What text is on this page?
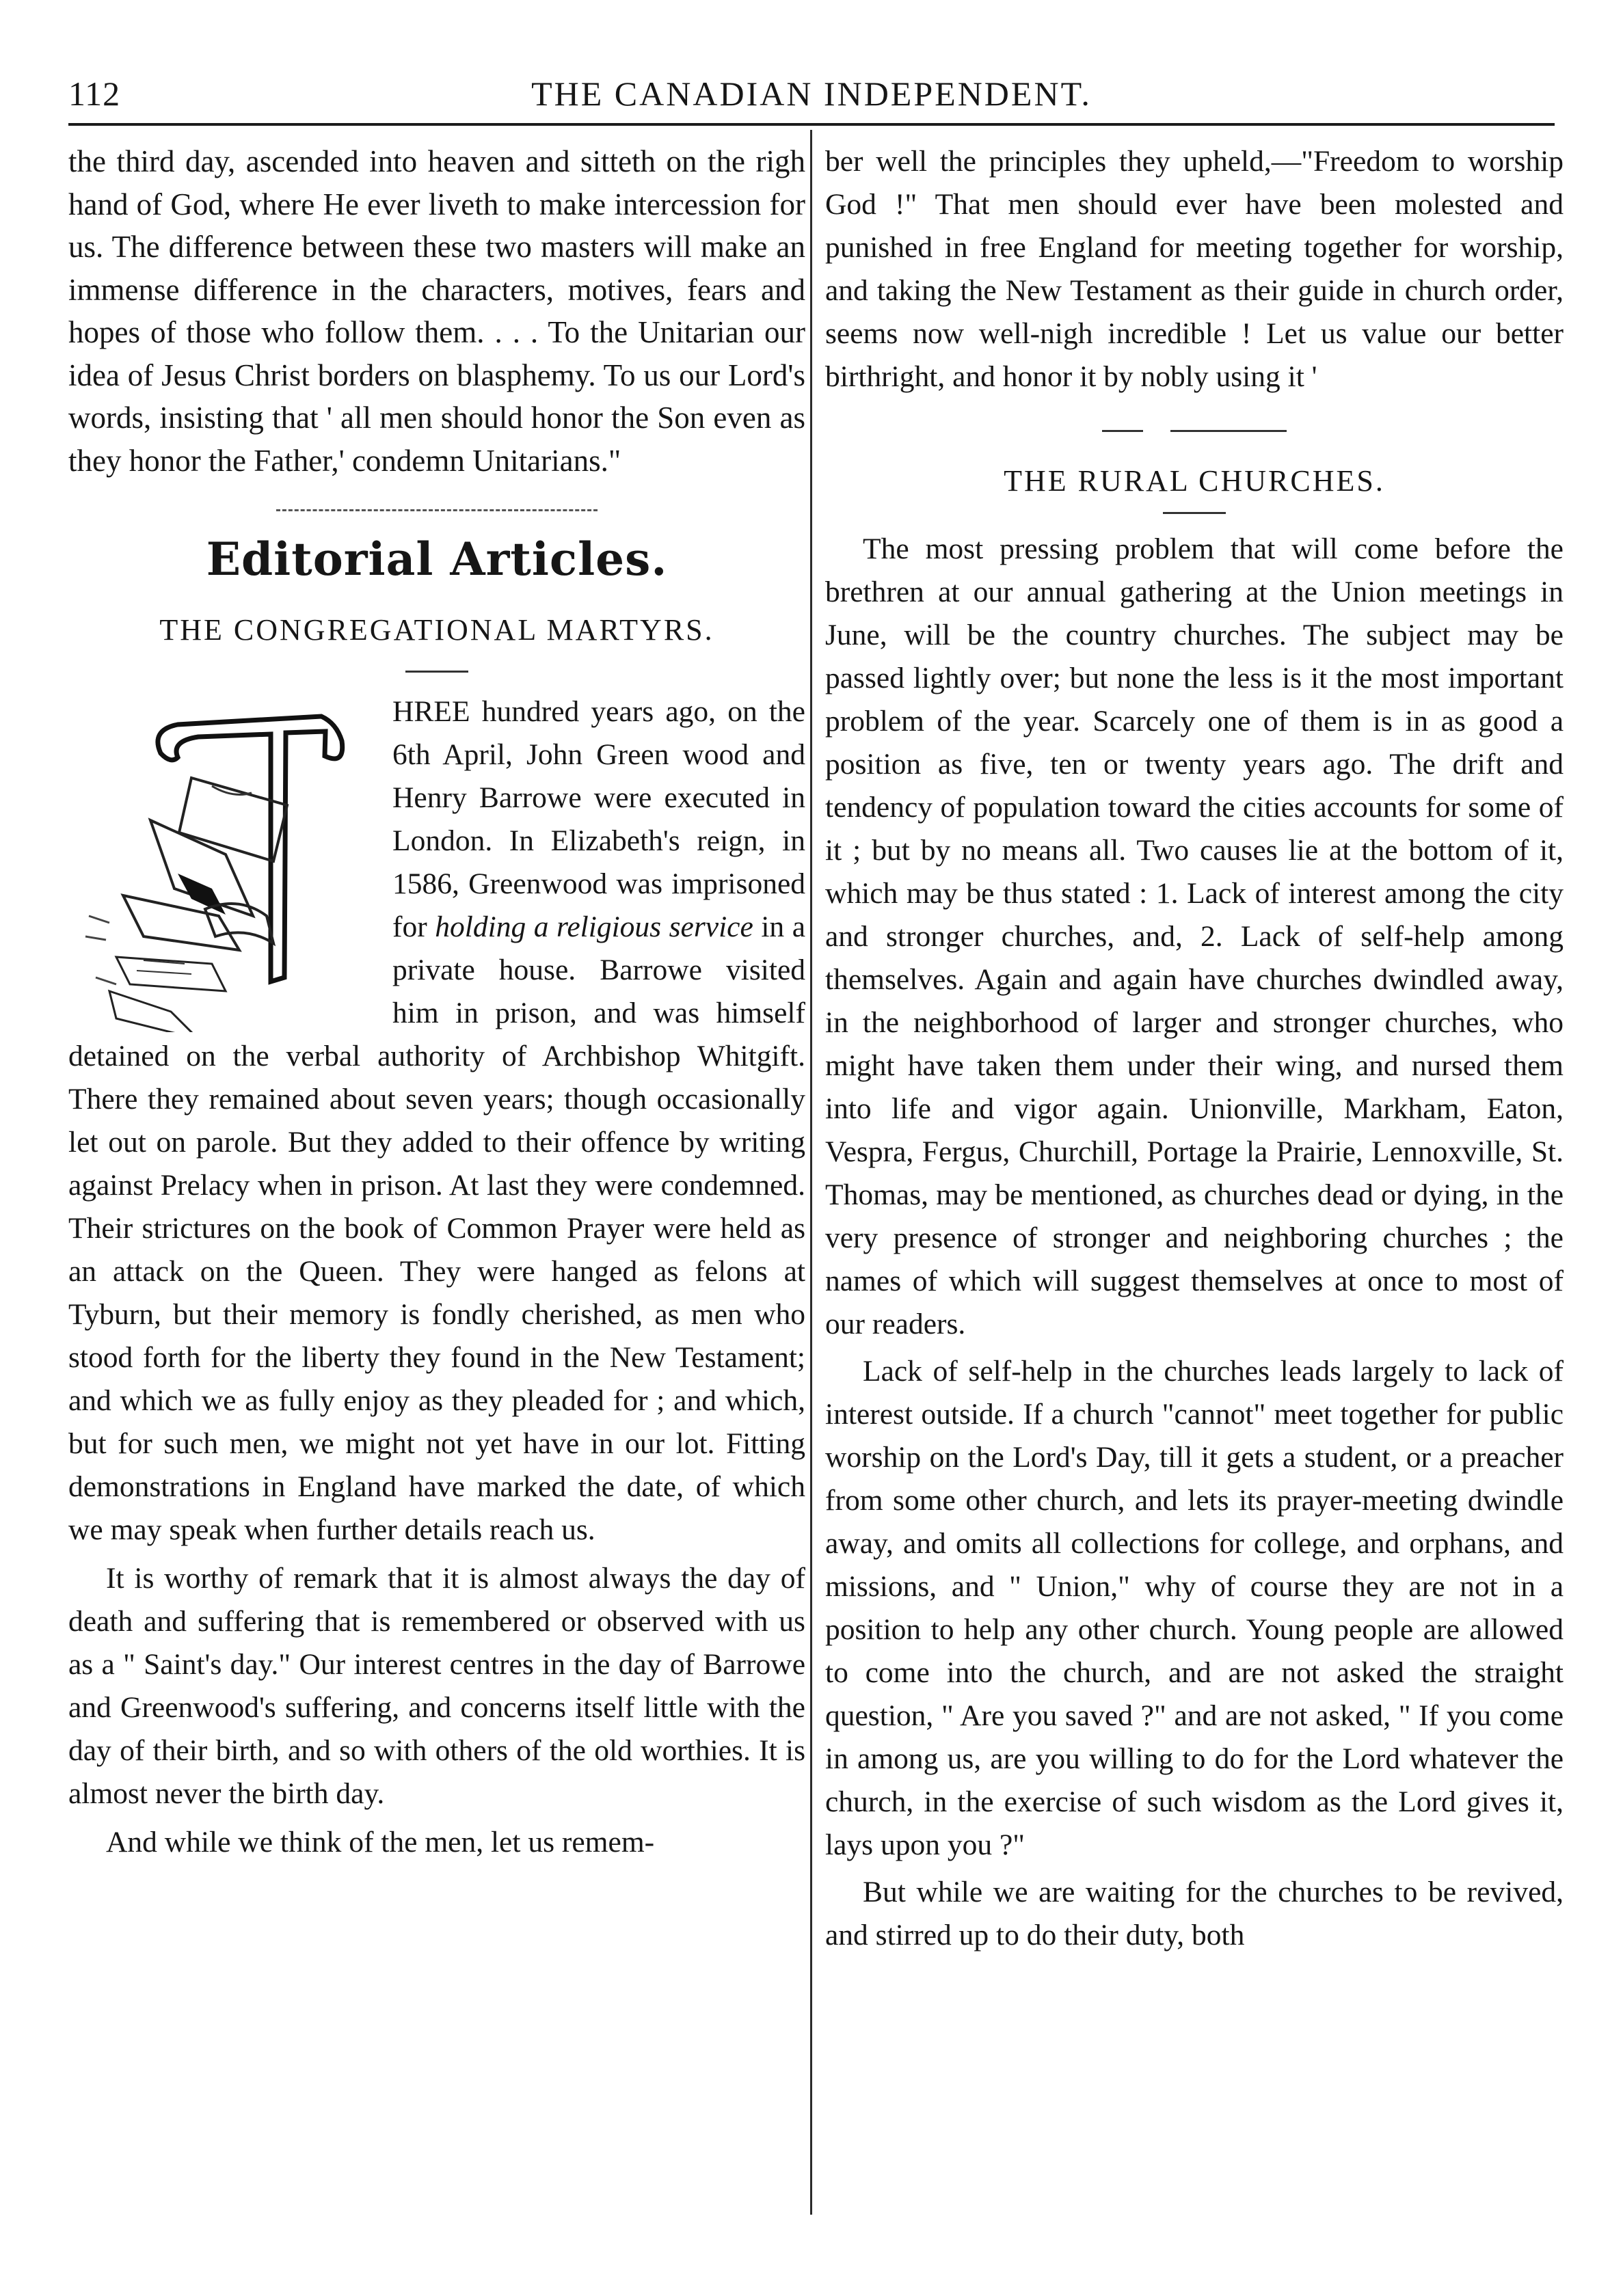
112	THE CANADIAN INDEPENDENT.

the third day, ascended into heaven and sitteth on the righ hand of God, where He ever liveth to make intercession for us. The difference between these two masters will make an immense difference in the characters, motives, fears and hopes of those who follow them. . . . To the Unitarian our idea of Jesus Christ borders on blasphemy. To us our Lord's words, insisting that ' all men should honor the Son even as they honor the Father,' condemn Unitarians."

Editorial Articles.

THE CONGREGATIONAL MARTYRS.

HREE hundred years ago, on the 6th April, John Green wood and Henry Barrowe were executed in London. In Elizabeth's reign, in 1586, Greenwood was imprisoned for holding a religious service in a private house. Barrowe visited him in prison, and was himself detained on the verbal authority of Archbishop Whitgift. There they remained about seven years; though occasionally let out on parole. But they added to their offence by writing against Prelacy when in prison. At last they were condemned. Their strictures on the book of Common Prayer were held as an attack on the Queen. They were hanged as felons at Tyburn, but their memory is fondly cherished, as men who stood forth for the liberty they found in the New Testament; and which we as fully enjoy as they pleaded for ; and which, but for such men, we might not yet have in our lot. Fitting demonstrations in England have marked the date, of which we may speak when further details reach us.

It is worthy of remark that it is almost always the day of death and suffering that is remembered or observed with us as a " Saint's day." Our interest centres in the day of Barrowe and Greenwood's suffering, and concerns itself little with the day of their birth, and so with others of the old worthies. It is almost never the birth day.

And while we think of the men, let us remem-

ber well the principles they upheld,—"Freedom to worship God !" That men should ever have been molested and punished in free England for meeting together for worship, and taking the New Testament as their guide in church order, seems now well-nigh incredible ! Let us value our better birthright, and honor it by nobly using it '

THE RURAL CHURCHES.

The most pressing problem that will come before the brethren at our annual gathering at the Union meetings in June, will be the country churches. The subject may be passed lightly over; but none the less is it the most important problem of the year. Scarcely one of them is in as good a position as five, ten or twenty years ago. The drift and tendency of population toward the cities accounts for some of it ; but by no means all. Two causes lie at the bottom of it, which may be thus stated : 1. Lack of interest among the city and stronger churches, and, 2. Lack of self-help among themselves. Again and again have churches dwindled away, in the neighborhood of larger and stronger churches, who might have taken them under their wing, and nursed them into life and vigor again. Unionville, Markham, Eaton, Vespra, Fergus, Churchill, Portage la Prairie, Lennoxville, St. Thomas, may be mentioned, as churches dead or dying, in the very presence of stronger and neighboring churches ; the names of which will suggest themselves at once to most of our readers.

Lack of self-help in the churches leads largely to lack of interest outside. If a church "cannot" meet together for public worship on the Lord's Day, till it gets a student, or a preacher from some other church, and lets its prayer-meeting dwindle away, and omits all collections for college, and orphans, and missions, and " Union," why of course they are not in a position to help any other church. Young people are allowed to come into the church, and are not asked the straight question, " Are you saved ?" and are not asked, " If you come in among us, are you willing to do for the Lord whatever the church, in the exercise of such wisdom as the Lord gives it, lays upon you ?"

But while we are waiting for the churches to be revived, and stirred up to do their duty, both
